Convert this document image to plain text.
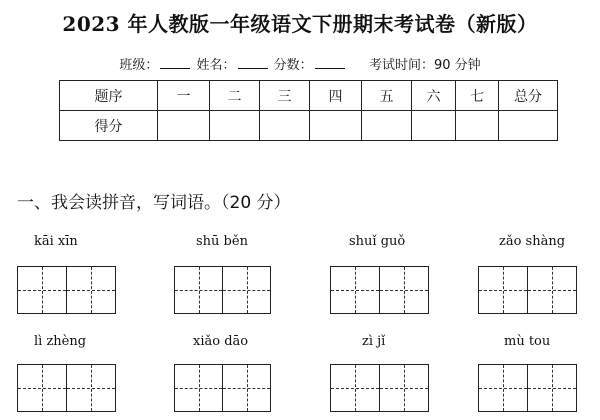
2023 年人教版一年级语文下册期末考试卷（新版）
班级：	姓名：	分数：	考试时间：90 分钟
题序	一	二	三	四	五	六	七	总分
得分								
一、我会读拼音，写词语。（20 分）
kāi xīn	shū běn	shuǐ guǒ	zǎo shàng
lì zhèng	xiǎo dāo	zì jǐ	mù tou
